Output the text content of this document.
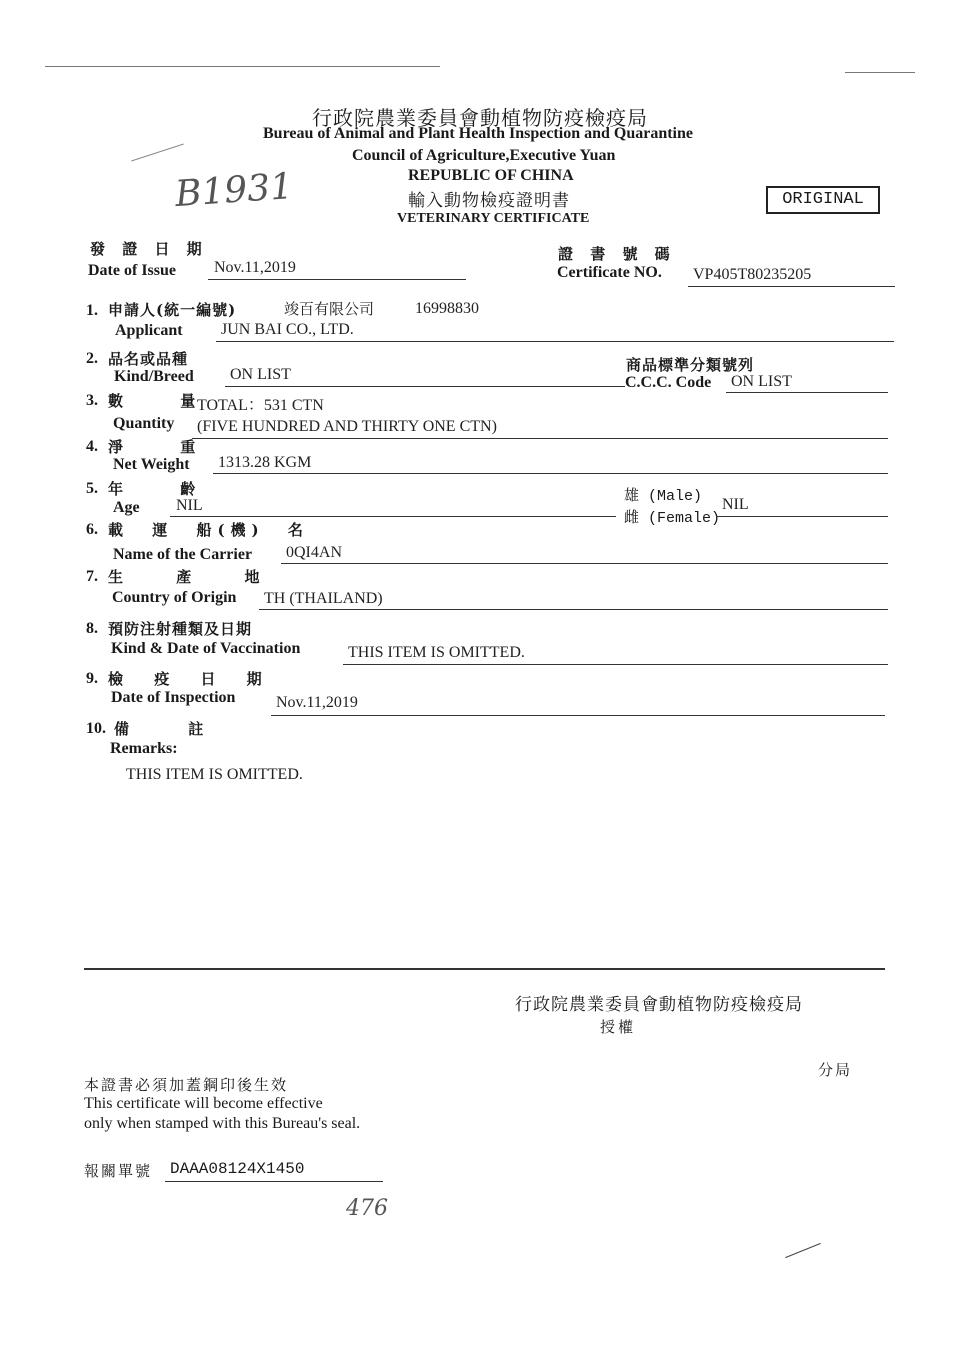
行政院農業委員會動植物防疫檢疫局
Bureau of Animal and Plant Health Inspection and Quarantine
Council of Agriculture,Executive Yuan
REPUBLIC OF CHINA
輸入動物檢疫證明書
VETERINARY CERTIFICATE
ORIGINAL
B1931
發 證 日 期
Date of Issue Nov.11,2019
證 書 號 碼
Certificate NO. VP405T80235205
1. 申請人(統一編號)	竣百有限公司	16998830
Applicant JUN BAI CO., LTD.
2. 品名或品種
Kind/Breed ON LIST
商品標準分類號列
C.C.C. Code ON LIST
3. 數 量
TOTAL：531 CTN
Quantity (FIVE HUNDRED AND THIRTY ONE CTN)
4. 淨 重
Net Weight 1313.28 KGM
5. 年 齡
Age NIL
雄 (Male)
雌 (Female)
NIL
6. 載 運 船(機) 名
Name of the Carrier 0QI4AN
7. 生 產 地
Country of Origin TH (THAILAND)
8. 預防注射種類及日期
Kind & Date of Vaccination	THIS ITEM IS OMITTED.
9. 檢 疫 日 期
Date of Inspection	Nov.11,2019
10. 備 註
Remarks:
THIS ITEM IS OMITTED.
行政院農業委員會動植物防疫檢疫局
授權
分局
本證書必須加蓋鋼印後生效
This certificate will become effective
only when stamped with this Bureau's seal.
報關單號 DAAA08124X1450
476
